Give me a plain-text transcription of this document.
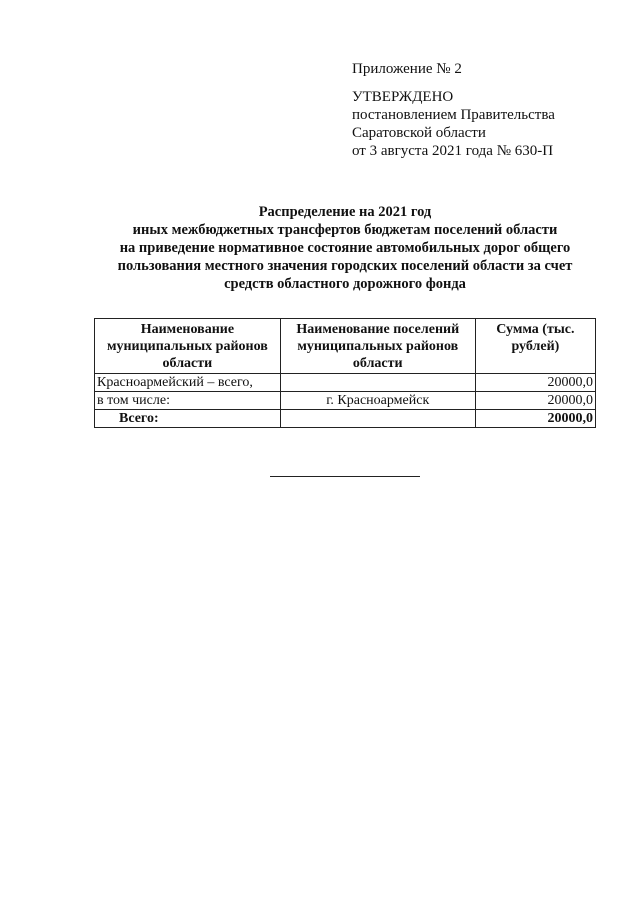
Приложение № 2
УТВЕРЖДЕНО
постановлением Правительства
Саратовской области
от 3 августа 2021 года № 630-П
Распределение на 2021 год
иных межбюджетных трансфертов бюджетам поселений области
на приведение нормативное состояние автомобильных дорог общего
пользования местного значения городских поселений области за счет
средств областного дорожного фонда
Наименование муниципальных районов области	Наименование поселений муниципальных районов области	Сумма (тыс. рублей)
Красноармейский – всего,		20000,0
в том числе:	г. Красноармейск	20000,0
Всего:		20000,0
